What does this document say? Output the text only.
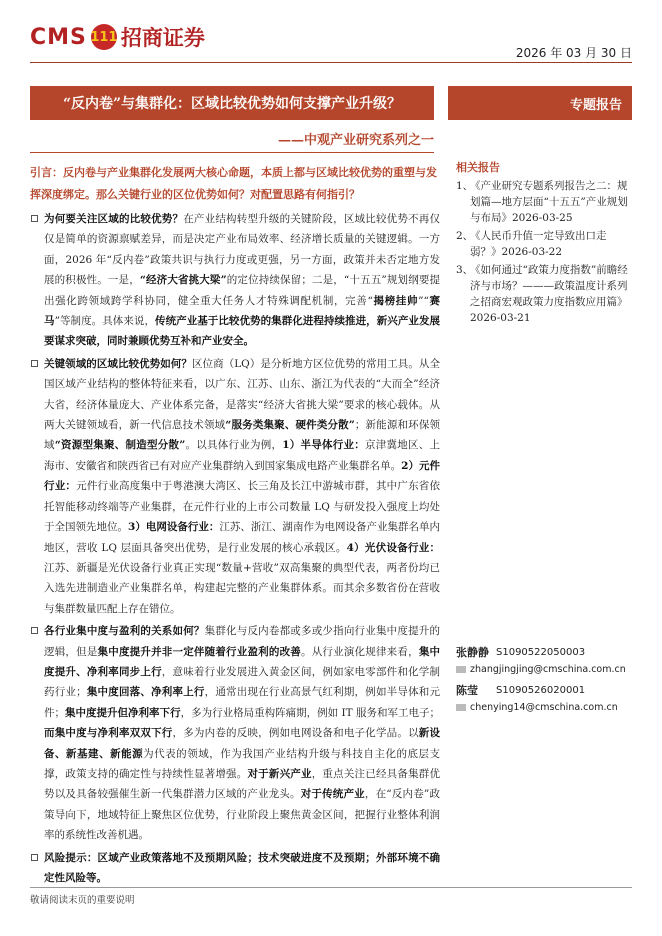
CMS 111 招商证券
2026 年 03 月 30 日
“反内卷”与集群化：区域比较优势如何支撑产业升级？	专题报告
——中观产业研究系列之一
引言：反内卷与产业集群化发展两大核心命题，本质上都与区域比较优势的重塑与发挥深度绑定。那么关键行业的区位优势如何？对配置思路有何指引？
为何要关注区域的比较优势？在产业结构转型升级的关键阶段，区域比较优势不再仅仅是简单的资源禀赋差异，而是决定产业布局效率、经济增长质量的关键逻辑。一方面，2026 年“反内卷”政策共识与执行力度或更强，另一方面，政策并未否定地方发展的积极性。一是，“经济大省挑大梁”的定位持续保留；二是，“十五五”规划纲要提出强化跨领域跨学科协同，健全重大任务人才特殊调配机制，完善“揭榜挂帅”“赛马”等制度。具体来说，传统产业基于比较优势的集群化进程持续推进，新兴产业发展要谋求突破，同时兼顾优势互补和产业安全。
关键领域的区域比较优势如何？区位商（LQ）是分析地方区位优势的常用工具。从全国区域产业结构的整体特征来看，以广东、江苏、山东、浙江为代表的“大而全”经济大省，经济体量庞大、产业体系完备，是落实“经济大省挑大梁”要求的核心载体。从两大关键领域看，新一代信息技术领域“服务类集聚、硬件类分散”；新能源和环保领域“资源型集聚、制造型分散”。以具体行业为例，1）半导体行业：京津冀地区、上海市、安徽省和陕西省已有对应产业集群纳入到国家集成电路产业集群名单。2）元件行业：元件行业高度集中于粤港澳大湾区、长三角及长江中游城市群，其中广东省依托智能移动终端等产业集群，在元件行业的上市公司数量 LQ 与研发投入强度上均处于全国领先地位。3）电网设备行业：江苏、浙江、湖南作为电网设备产业集群名单内地区，营收 LQ 层面具备突出优势，是行业发展的核心承载区。4）光伏设备行业：江苏、新疆是光伏设备行业真正实现“数量+营收”双高集聚的典型代表，两者份均已入选先进制造业产业集群名单，构建起完整的产业集群体系。而其余多数省份在营收与集群数量匹配上存在错位。
各行业集中度与盈利的关系如何？集群化与反内卷都或多或少指向行业集中度提升的逻辑，但是集中度提升并非一定伴随着行业盈利的改善。从行业演化规律来看，集中度提升、净利率同步上行，意味着行业发展进入黄金区间，例如家电零部件和化学制药行业；集中度回落、净利率上行，通常出现在行业高景气红利期，例如半导体和元件；集中度提升但净利率下行，多为行业格局重构阵痛期，例如 IT 服务和军工电子；而集中度与净利率双双下行，多为内卷的反映，例如电网设备和电子化学品。以新设备、新基建、新能源为代表的领域，作为我国产业结构升级与科技自主化的底层支撑，政策支持的确定性与持续性显著增强。对于新兴产业，重点关注已经具备集群优势以及具备较强催生新一代集群潜力区域的产业龙头。对于传统产业，在“反内卷”政策导向下，地域特征上聚焦区位优势，行业阶段上聚焦黄金区间，把握行业整体利润率的系统性改善机遇。
风险提示：区域产业政策落地不及预期风险；技术突破进度不及预期；外部环境不确定性风险等。
相关报告
1、
《产业研究专题系列报告之二：规划篇—地方层面“十五五”产业规划与布局》2026-03-25
2、
《人民币升值一定导致出口走弱？》2026-03-22
3、
《如何通过“政策力度指数”前瞻经济与市场？———政策温度计系列之招商宏观政策力度指数应用篇》2026-03-21
张静静 S1090522050003
zhangjingjing@cmschina.com.cn
陈莹	S1090526020001
chenying14@cmschina.com.cn
敬请阅读末页的重要说明
